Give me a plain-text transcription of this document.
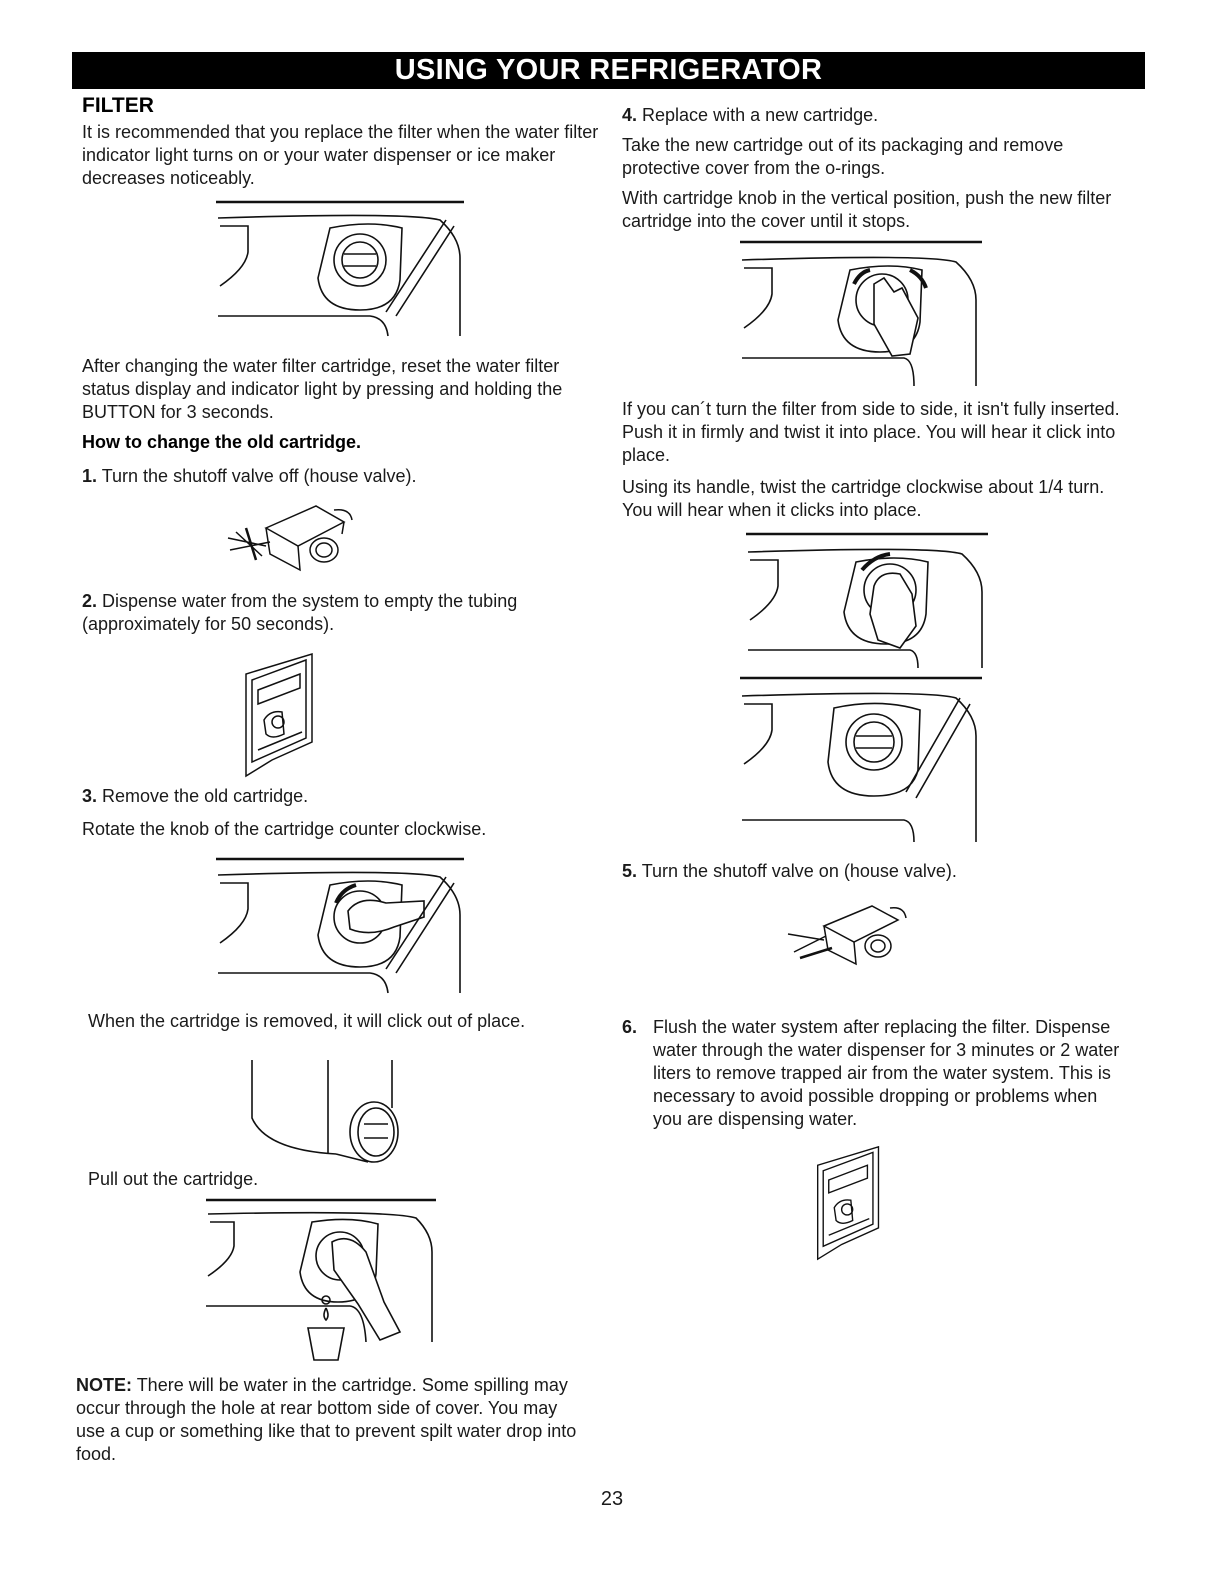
USING YOUR REFRIGERATOR
FILTER

It is recommended that you replace the filter when the water filter indicator light turns on or your water dispenser or ice maker decreases noticeably.

After changing the water filter cartridge, reset the water filter status display and indicator light by pressing and holding the BUTTON for 3 seconds.

How to change the old cartridge.

1. Turn the shutoff valve off (house valve).

2. Dispense water from the system to empty the tubing (approximately for 50 seconds).

3. Remove the old cartridge.

Rotate the knob of the cartridge counter clockwise.

When the cartridge is removed, it will click out of place.

Pull out the cartridge.

NOTE: There will be water in the cartridge. Some spilling may occur through the hole at rear bottom side of cover. You may use a cup or something like that to prevent spilt water drop into food.

4. Replace with a new cartridge.

Take the new cartridge out of its packaging and remove protective cover from the o-rings.

With cartridge knob in the vertical position, push the new filter cartridge into the cover until it stops.

If you can´t turn the filter from side to side, it isn't fully inserted. Push it in firmly and twist it into place. You will hear it click into place.

Using its handle, twist the cartridge clockwise about 1/4 turn. You will hear when it clicks into place.

5. Turn the shutoff valve on (house valve).

6. Flush the water system after replacing the filter. Dispense water through the water dispenser for 3 minutes or 2 water liters to remove trapped air from the water system. This is necessary to avoid possible dropping or problems when you are dispensing water.

23
